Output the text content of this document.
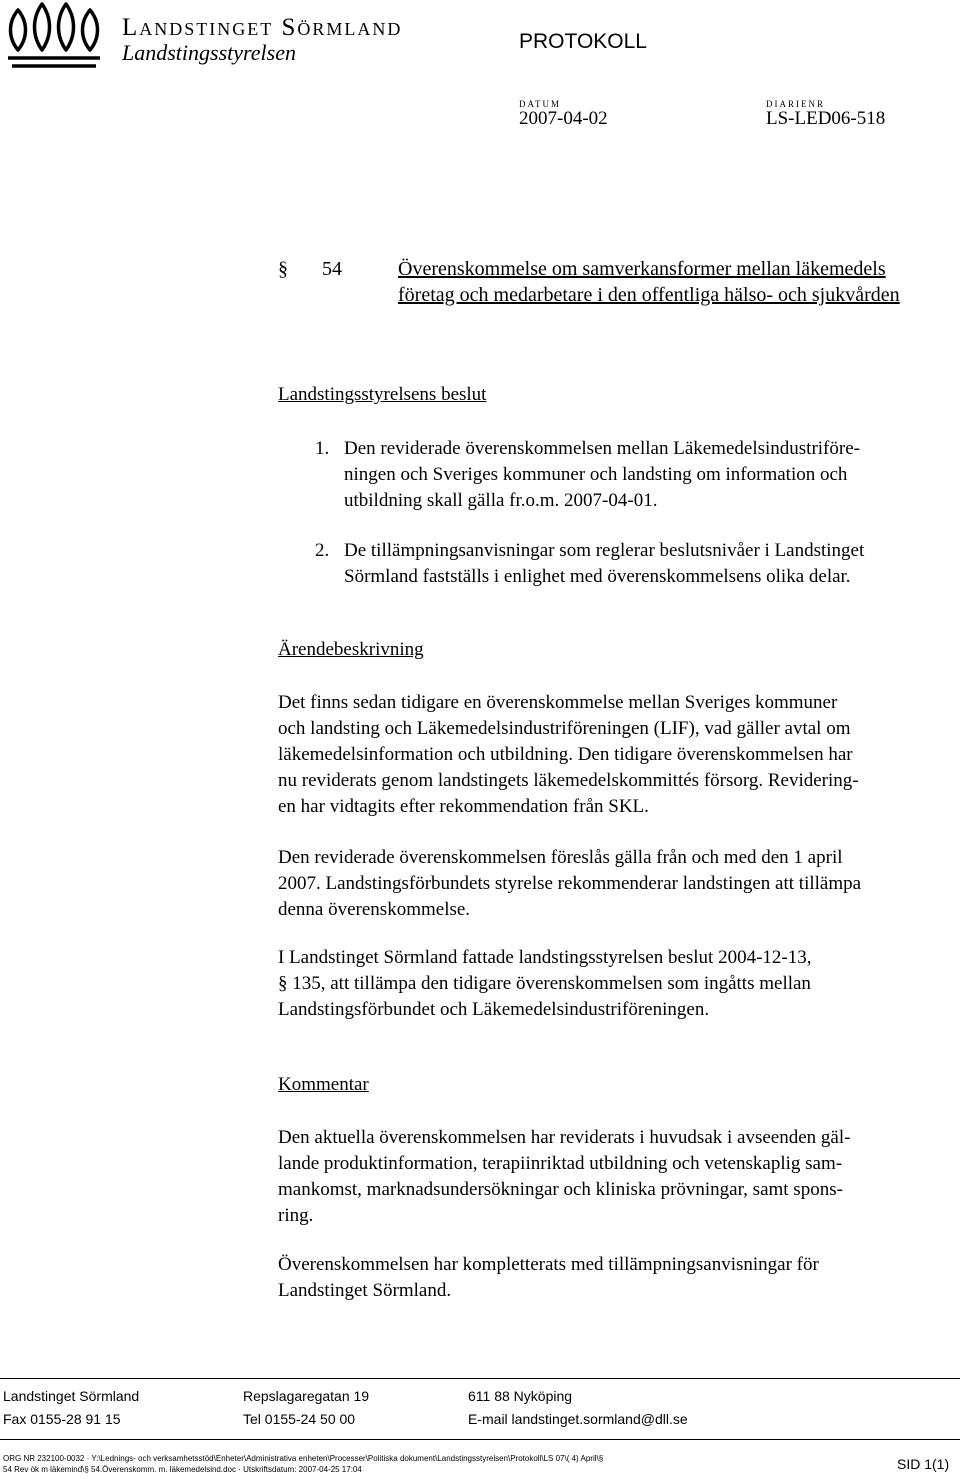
Landstinget Sörmland
Landstingsstyrelsen	PROTOKOLL
DATUM
2007-04-02
DIARIENR
LS-LED06-518
§ 54	Överenskommelse om samverkansformer mellan läkemedels
företag och medarbetare i den offentliga hälso- och sjukvården
Landstingsstyrelsens beslut
1. Den reviderade överenskommelsen mellan Läkemedelsindustriföre-
ningen och Sveriges kommuner och landsting om information och
utbildning skall gälla fr.o.m. 2007-04-01.
2. De tillämpningsanvisningar som reglerar beslutsnivåer i Landstinget
Sörmland fastställs i enlighet med överenskommelsens olika delar.
Ärendebeskrivning
Det finns sedan tidigare en överenskommelse mellan Sveriges kommuner
och landsting och Läkemedelsindustriföreningen (LIF), vad gäller avtal om
läkemedelsinformation och utbildning. Den tidigare överenskommelsen har
nu reviderats genom landstingets läkemedelskommittés försorg. Revidering-
en har vidtagits efter rekommendation från SKL.
Den reviderade överenskommelsen föreslås gälla från och med den 1 april
2007. Landstingsförbundets styrelse rekommenderar landstingen att tillämpa
denna överenskommelse.
I Landstinget Sörmland fattade landstingsstyrelsen beslut 2004-12-13,
§ 135, att tillämpa den tidigare överenskommelsen som ingåtts mellan
Landstingsförbundet och Läkemedelsindustriföreningen.
Kommentar
Den aktuella överenskommelsen har reviderats i huvudsak i avseenden gäl-
lande produktinformation, terapiinriktad utbildning och vetenskaplig sam-
mankomst, marknadsundersökningar och kliniska prövningar, samt spons-
ring.
Överenskommelsen har kompletterats med tillämpningsanvisningar för
Landstinget Sörmland.
Landstinget Sörmland	Repslagaregatan 19	611 88 Nyköping
Fax 0155-28 91 15	Tel 0155-24 50 00	E-mail landstinget.sormland@dll.se
ORG NR 232100-0032 · Y:\Lednings- och verksamhetsstöd\Enheter\Administrativa enheten\Processer\Politiska dokument\Landstingsstyrelsen\Protokoll\LS 07\( 4) April\§
54 Rev ök m läkemind\§ 54.Överenskomm. m. läkemedelsind.doc · Utskriftsdatum: 2007-04-25 17:04	SID 1(1)
